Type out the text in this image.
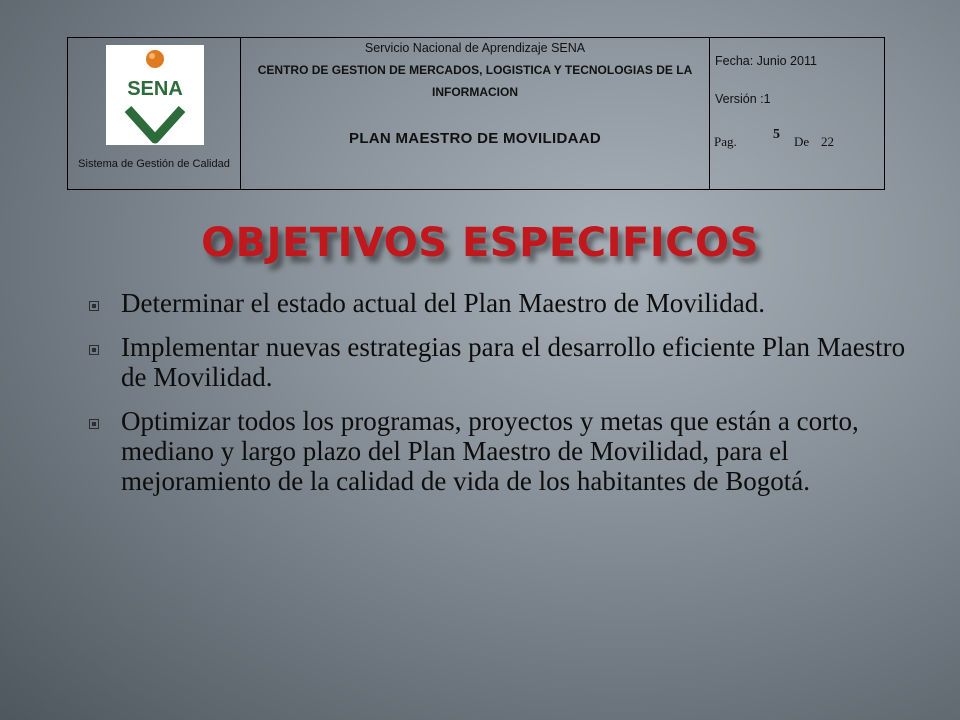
SENA
Sistema de Gestión de Calidad
Servicio Nacional de Aprendizaje SENA
CENTRO DE GESTION DE MERCADOS, LOGISTICA Y TECNOLOGIAS DE LA INFORMACION
PLAN MAESTRO DE MOVILIDAAD
Fecha: Junio 2011
Versión :1
Pag.	5 De 22
OBJETIVOS ESPECIFICOS
Determinar el estado actual del Plan Maestro de Movilidad.
Implementar nuevas estrategias para el desarrollo eficiente Plan Maestro de Movilidad.
Optimizar todos los programas, proyectos y metas que están a corto, mediano y largo plazo del Plan Maestro de Movilidad, para el mejoramiento de la calidad de vida de los habitantes de Bogotá.
